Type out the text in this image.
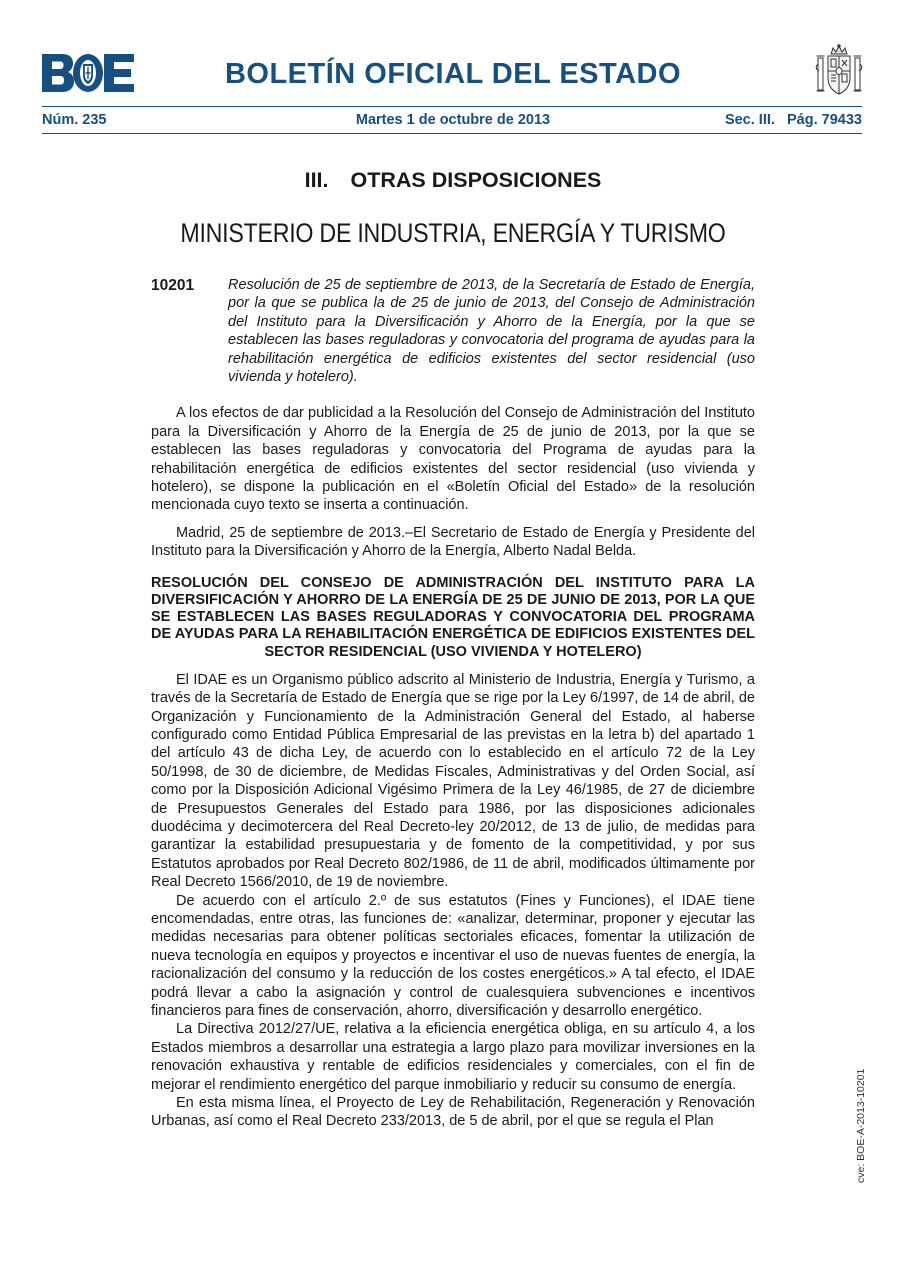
BOLETÍN OFICIAL DEL ESTADO
Núm. 235	Martes 1 de octubre de 2013	Sec. III. Pág. 79433
III. OTRAS DISPOSICIONES
MINISTERIO DE INDUSTRIA, ENERGÍA Y TURISMO
10201	Resolución de 25 de septiembre de 2013, de la Secretaría de Estado de Energía, por la que se publica la de 25 de junio de 2013, del Consejo de Administración del Instituto para la Diversificación y Ahorro de la Energía, por la que se establecen las bases reguladoras y convocatoria del programa de ayudas para la rehabilitación energética de edificios existentes del sector residencial (uso vivienda y hotelero).

A los efectos de dar publicidad a la Resolución del Consejo de Administración del Instituto para la Diversificación y Ahorro de la Energía de 25 de junio de 2013, por la que se establecen las bases reguladoras y convocatoria del Programa de ayudas para la rehabilitación energética de edificios existentes del sector residencial (uso vivienda y hotelero), se dispone la publicación en el «Boletín Oficial del Estado» de la resolución mencionada cuyo texto se inserta a continuación.

Madrid, 25 de septiembre de 2013.–El Secretario de Estado de Energía y Presidente del Instituto para la Diversificación y Ahorro de la Energía, Alberto Nadal Belda.

RESOLUCIÓN DEL CONSEJO DE ADMINISTRACIÓN DEL INSTITUTO PARA LA DIVERSIFICACIÓN Y AHORRO DE LA ENERGÍA DE 25 DE JUNIO DE 2013, POR LA QUE SE ESTABLECEN LAS BASES REGULADORAS Y CONVOCATORIA DEL PROGRAMA DE AYUDAS PARA LA REHABILITACIÓN ENERGÉTICA DE EDIFICIOS EXISTENTES DEL SECTOR RESIDENCIAL (USO VIVIENDA Y HOTELERO)

El IDAE es un Organismo público adscrito al Ministerio de Industria, Energía y Turismo, a través de la Secretaría de Estado de Energía que se rige por la Ley 6/1997, de 14 de abril, de Organización y Funcionamiento de la Administración General del Estado, al haberse configurado como Entidad Pública Empresarial de las previstas en la letra b) del apartado 1 del artículo 43 de dicha Ley, de acuerdo con lo establecido en el artículo 72 de la Ley 50/1998, de 30 de diciembre, de Medidas Fiscales, Administrativas y del Orden Social, así como por la Disposición Adicional Vigésimo Primera de la Ley 46/1985, de 27 de diciembre de Presupuestos Generales del Estado para 1986, por las disposiciones adicionales duodécima y decimotercera del Real Decreto-ley 20/2012, de 13 de julio, de medidas para garantizar la estabilidad presupuestaria y de fomento de la competitividad, y por sus Estatutos aprobados por Real Decreto 802/1986, de 11 de abril, modificados últimamente por Real Decreto 1566/2010, de 19 de noviembre.

De acuerdo con el artículo 2.º de sus estatutos (Fines y Funciones), el IDAE tiene encomendadas, entre otras, las funciones de: «analizar, determinar, proponer y ejecutar las medidas necesarias para obtener políticas sectoriales eficaces, fomentar la utilización de nueva tecnología en equipos y proyectos e incentivar el uso de nuevas fuentes de energía, la racionalización del consumo y la reducción de los costes energéticos.» A tal efecto, el IDAE podrá llevar a cabo la asignación y control de cualesquiera subvenciones e incentivos financieros para fines de conservación, ahorro, diversificación y desarrollo energético.

La Directiva 2012/27/UE, relativa a la eficiencia energética obliga, en su artículo 4, a los Estados miembros a desarrollar una estrategia a largo plazo para movilizar inversiones en la renovación exhaustiva y rentable de edificios residenciales y comerciales, con el fin de mejorar el rendimiento energético del parque inmobiliario y reducir su consumo de energía.

En esta misma línea, el Proyecto de Ley de Rehabilitación, Regeneración y Renovación Urbanas, así como el Real Decreto 233/2013, de 5 de abril, por el que se regula el Plan	cve: BOE-A-2013-10201
